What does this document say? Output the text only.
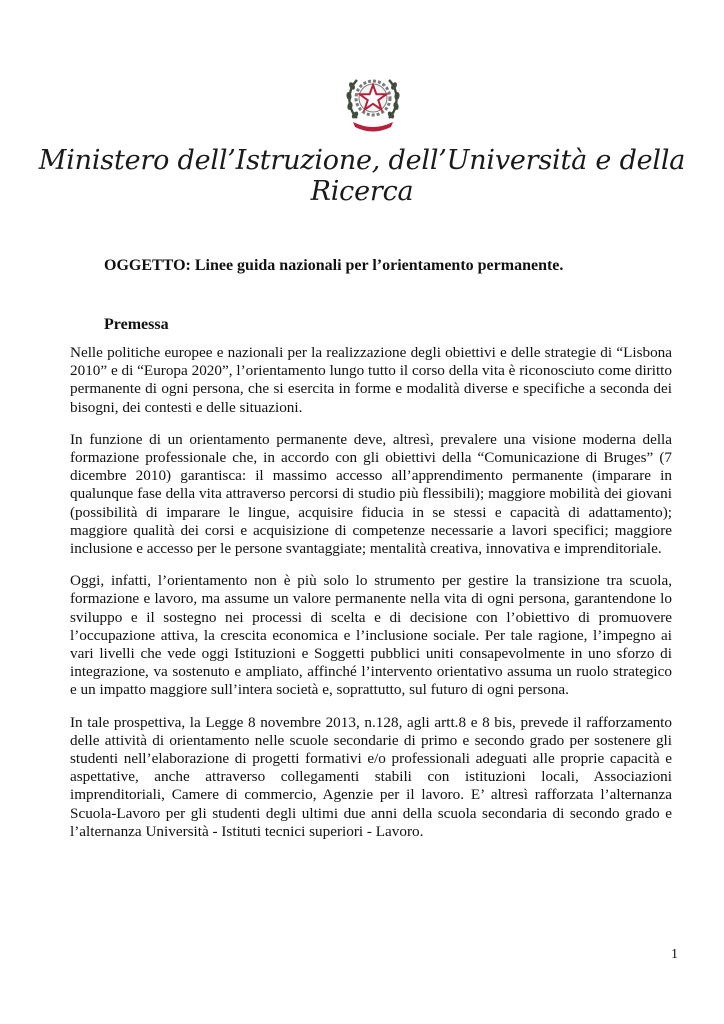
Ministero dell’Istruzione, dell’Università e della Ricerca
OGGETTO: Linee guida nazionali per l’orientamento permanente.
Premessa

Nelle politiche europee e nazionali per la realizzazione degli obiettivi e delle strategie di “Lisbona 2010” e di “Europa 2020”, l’orientamento lungo tutto il corso della vita è riconosciuto come diritto permanente di ogni persona, che si esercita in forme e modalità diverse e specifiche a seconda dei bisogni, dei contesti e delle situazioni.

In funzione di un orientamento permanente deve, altresì, prevalere una visione moderna della formazione professionale che, in accordo con gli obiettivi della “Comunicazione di Bruges” (7 dicembre 2010) garantisca: il massimo accesso all’apprendimento permanente (imparare in qualunque fase della vita attraverso percorsi di studio più flessibili); maggiore mobilità dei giovani (possibilità di imparare le lingue, acquisire fiducia in se stessi e capacità di adattamento); maggiore qualità dei corsi e acquisizione di competenze necessarie a lavori specifici; maggiore inclusione e accesso per le persone svantaggiate; mentalità creativa, innovativa e imprenditoriale.

Oggi, infatti, l’orientamento non è più solo lo strumento per gestire la transizione tra scuola, formazione e lavoro, ma assume un valore permanente nella vita di ogni persona, garantendone lo sviluppo e il sostegno nei processi di scelta e di decisione con l’obiettivo di promuovere l’occupazione attiva, la crescita economica e l’inclusione sociale. Per tale ragione, l’impegno ai vari livelli che vede oggi Istituzioni e Soggetti pubblici uniti consapevolmente in uno sforzo di integrazione, va sostenuto e ampliato, affinché l’intervento orientativo assuma un ruolo strategico e un impatto maggiore sull’intera società e, soprattutto, sul futuro di ogni persona.

In tale prospettiva, la Legge 8 novembre 2013, n.128, agli artt.8 e 8 bis, prevede il rafforzamento delle attività di orientamento nelle scuole secondarie di primo e secondo grado per sostenere gli studenti nell’elaborazione di progetti formativi e/o professionali adeguati alle proprie capacità e aspettative, anche attraverso collegamenti stabili con istituzioni locali, Associazioni imprenditoriali, Camere di commercio, Agenzie per il lavoro. E’ altresì rafforzata l’alternanza Scuola-Lavoro per gli studenti degli ultimi due anni della scuola secondaria di secondo grado e l’alternanza Università - Istituti tecnici superiori - Lavoro.

1
